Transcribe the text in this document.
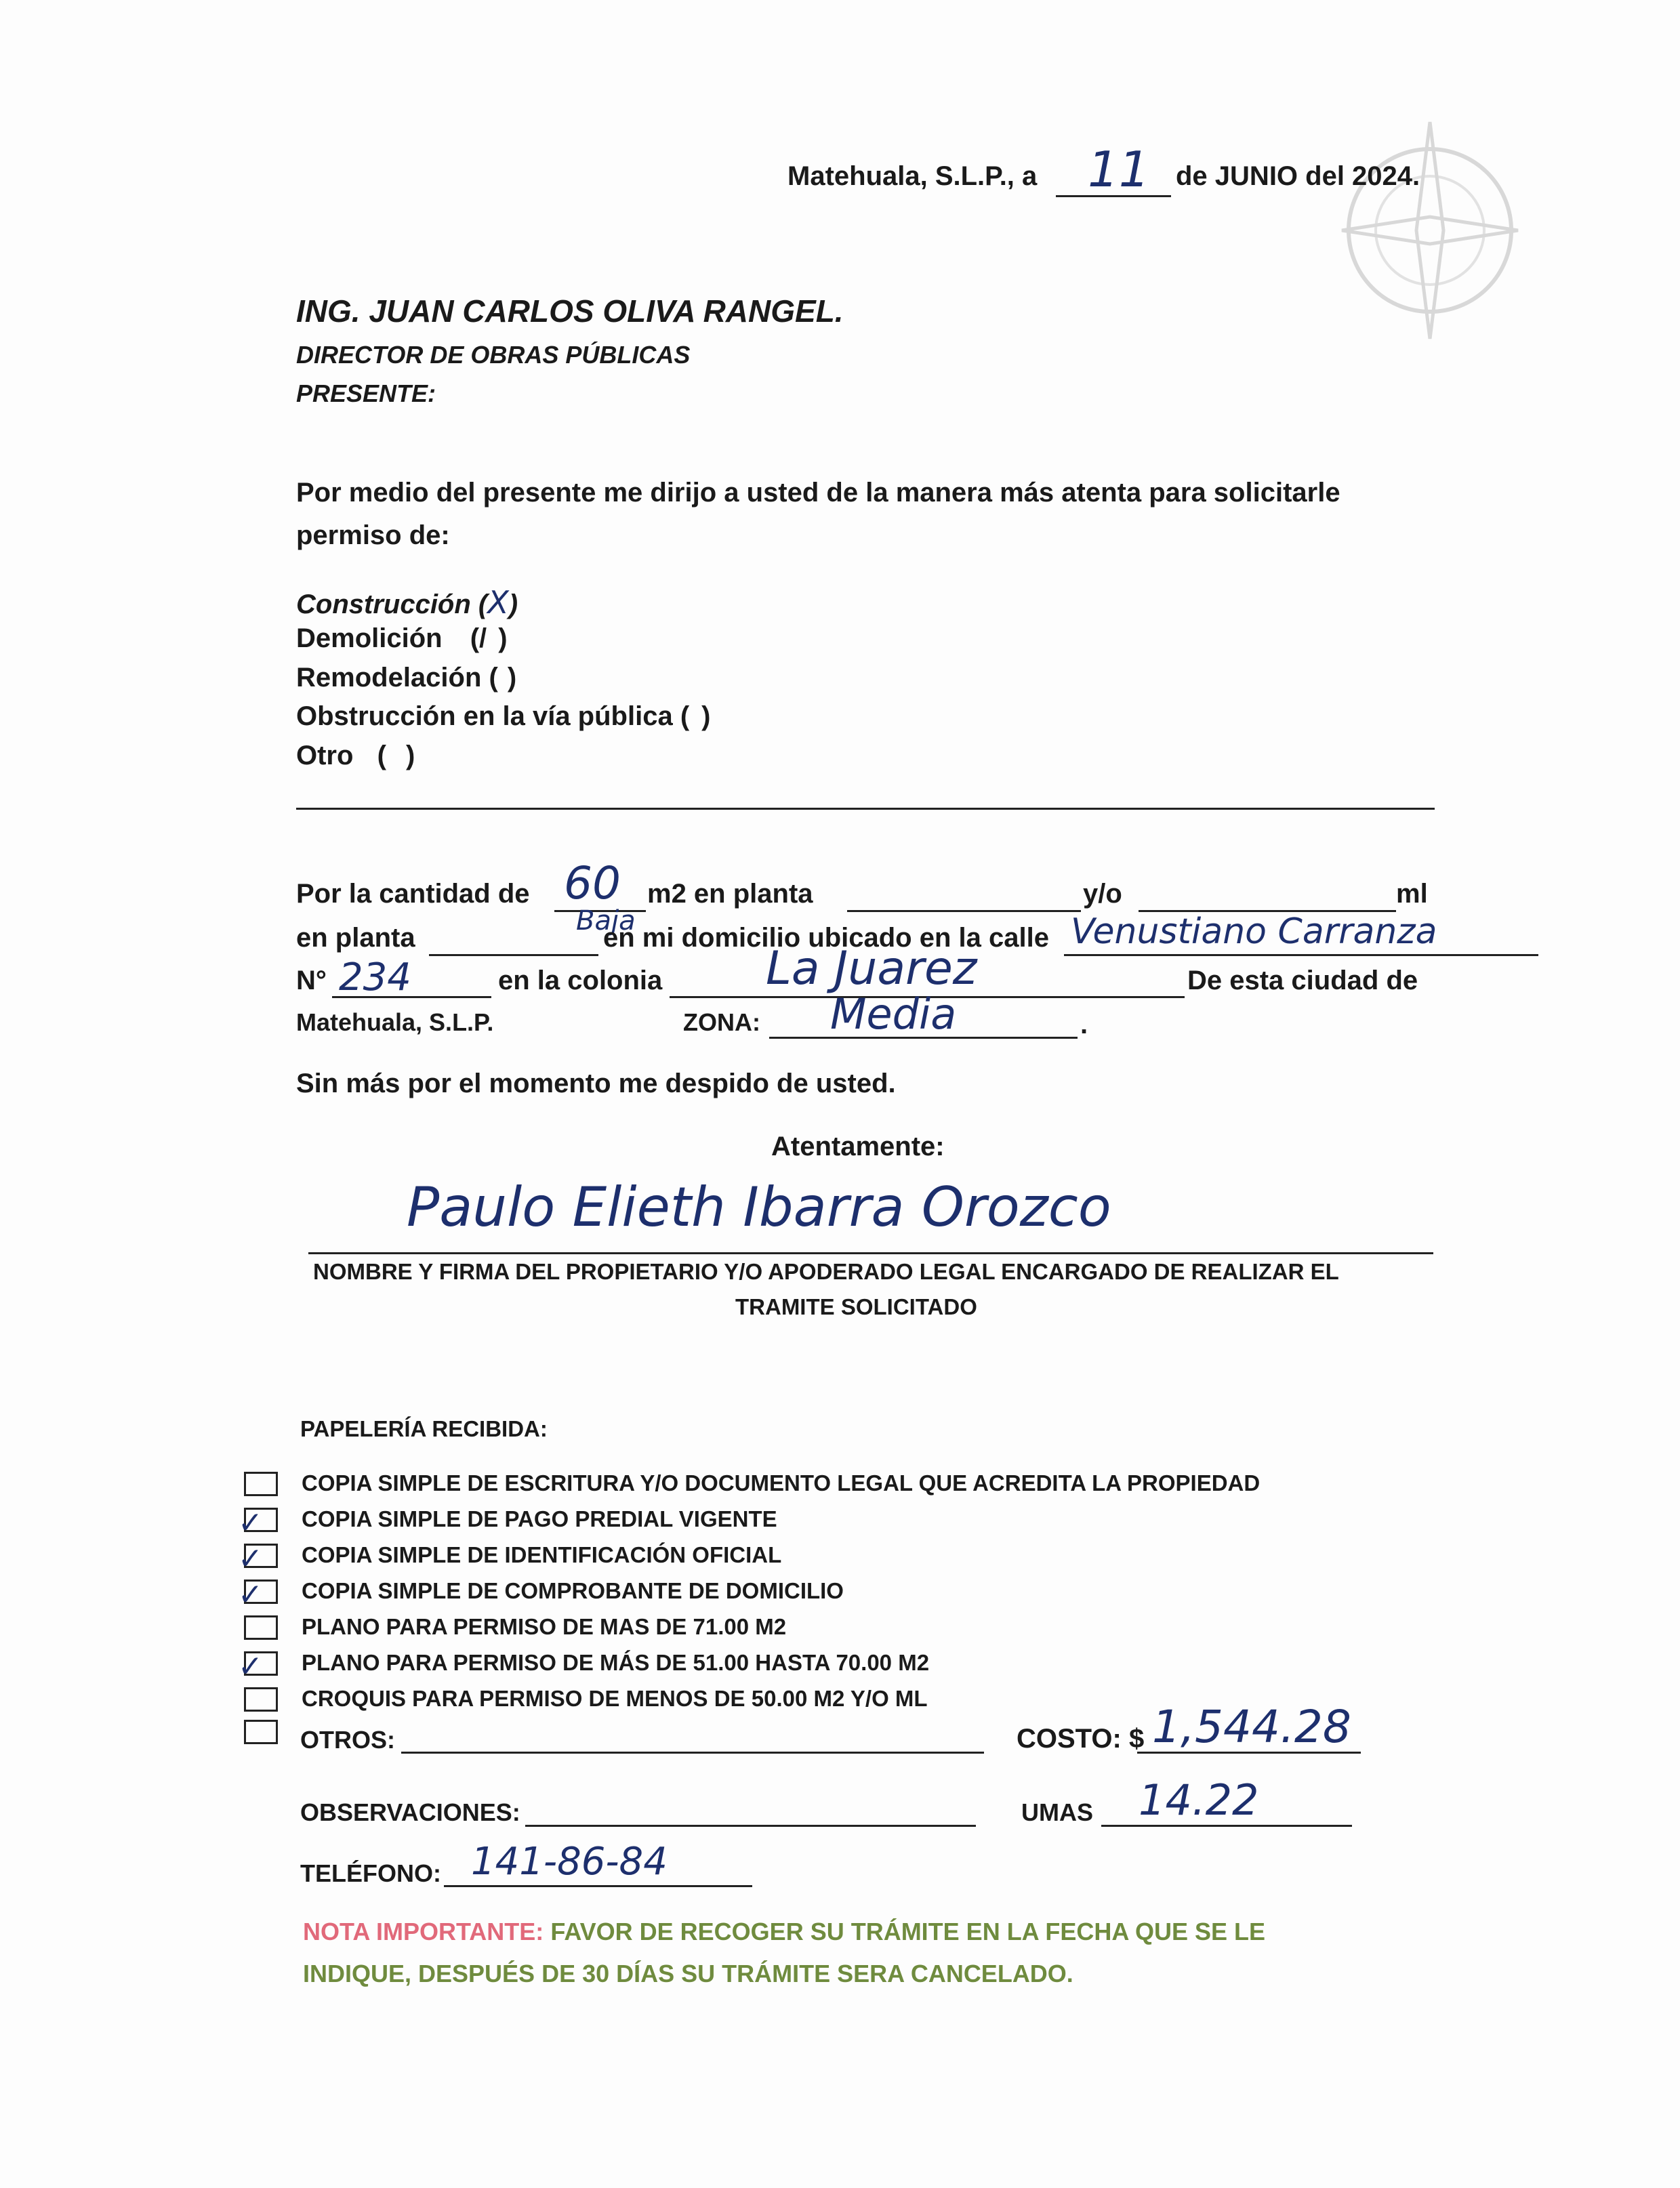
Matehuala, S.L.P., a 11 de JUNIO del 2024.
ING. JUAN CARLOS OLIVA RANGEL.
DIRECTOR DE OBRAS PÚBLICAS
PRESENTE:
Por medio del presente me dirijo a usted de la manera más atenta para solicitarle
permiso de:
Construcción (X)
Demolición (/ )
Remodelación ( )
Obstrucción en la vía pública ( )
Otro ( )
Por la cantidad de 60 m2 en planta	y/o	ml
en planta
Baja
en mi domicilio ubicado en la calle Venustiano Carranza
N° 234	en la colonia La Juarez	De esta ciudad de
Matehuala, S.L.P.	ZONA: Media	.
Sin más por el momento me despido de usted.
Atentamente:
Paulo Elieth Ibarra Orozco
NOMBRE Y FIRMA DEL PROPIETARIO Y/O APODERADO LEGAL ENCARGADO DE REALIZAR EL
TRAMITE SOLICITADO
PAPELERÍA RECIBIDA:
COPIA SIMPLE DE ESCRITURA Y/O DOCUMENTO LEGAL QUE ACREDITA LA PROPIEDAD
✓ COPIA SIMPLE DE PAGO PREDIAL VIGENTE
✓ COPIA SIMPLE DE IDENTIFICACIÓN OFICIAL
✓ COPIA SIMPLE DE COMPROBANTE DE DOMICILIO
PLANO PARA PERMISO DE MAS DE 71.00 M2
✓ PLANO PARA PERMISO DE MÁS DE 51.00 HASTA 70.00 M2
CROQUIS PARA PERMISO DE MENOS DE 50.00 M2 Y/O ML
OTROS:	COSTO: $ 1,544.28
OBSERVACIONES:	UMAS 14.22
TELÉFONO: 141-86-84
NOTA IMPORTANTE: FAVOR DE RECOGER SU TRÁMITE EN LA FECHA QUE SE LE
INDIQUE, DESPUÉS DE 30 DÍAS SU TRÁMITE SERA CANCELADO.
